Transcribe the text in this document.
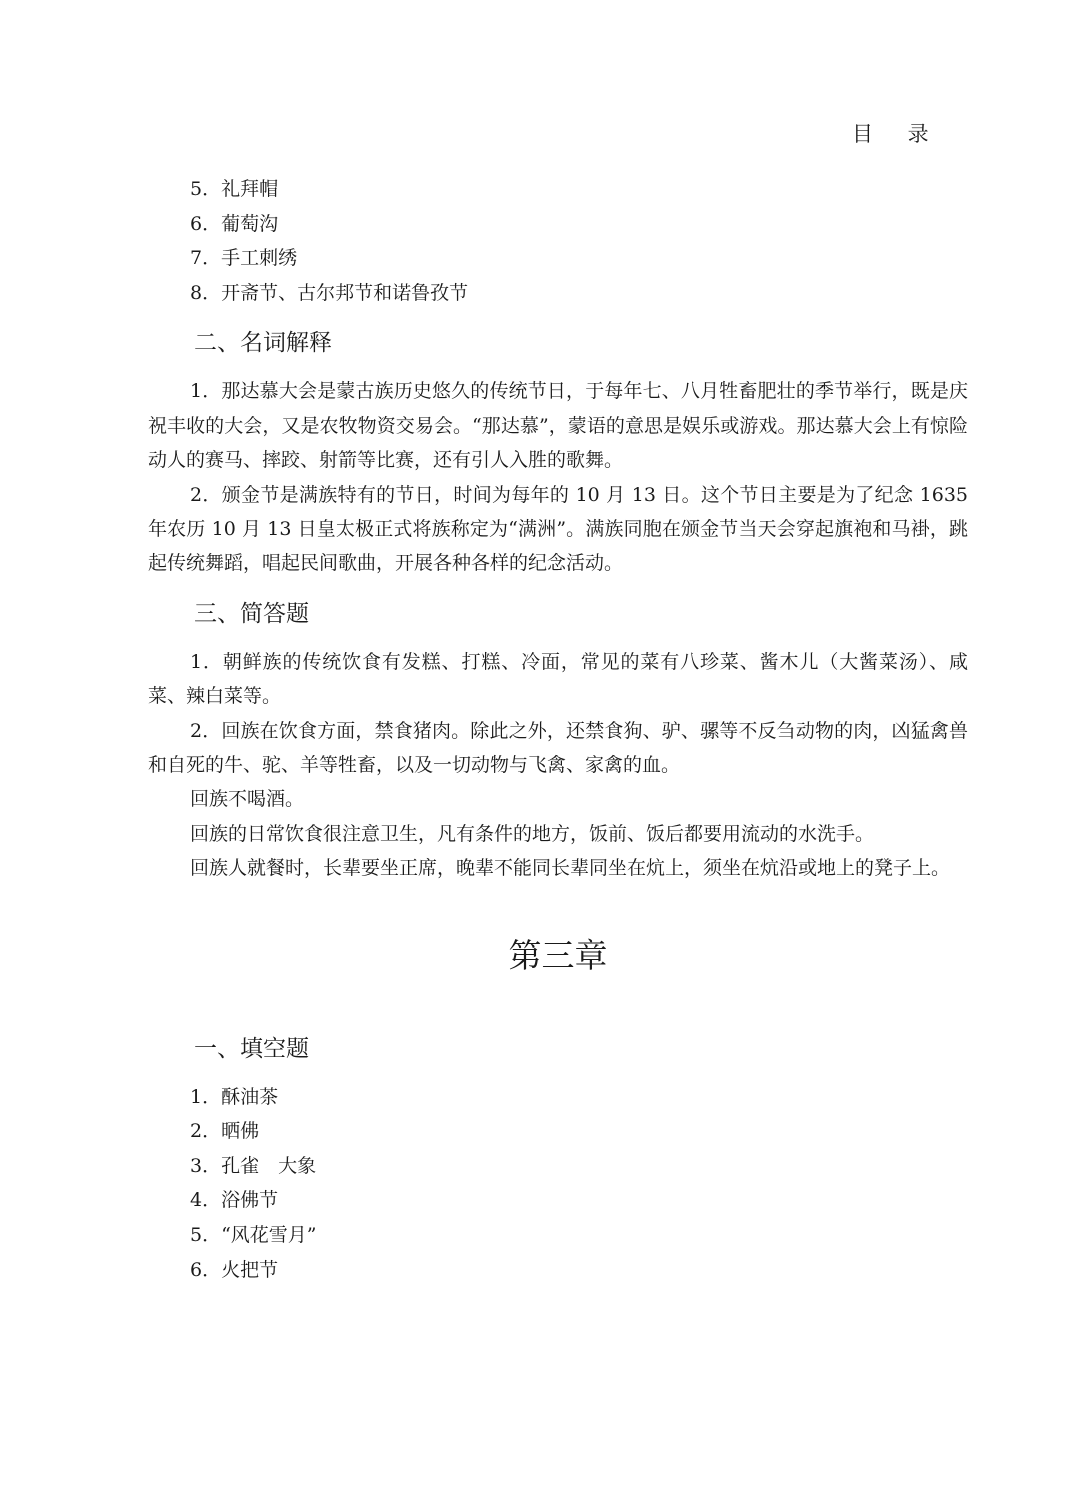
目 录
5．礼拜帽
6．葡萄沟
7．手工刺绣
8．开斋节、古尔邦节和诺鲁孜节
二、名词解释

1．那达慕大会是蒙古族历史悠久的传统节日，于每年七、八月牲畜肥壮的季节举行，既是庆祝丰收的大会，又是农牧物资交易会。“那达慕”，蒙语的意思是娱乐或游戏。那达慕大会上有惊险动人的赛马、摔跤、射箭等比赛，还有引人入胜的歌舞。

2．颁金节是满族特有的节日，时间为每年的 10 月 13 日。这个节日主要是为了纪念 1635 年农历 10 月 13 日皇太极正式将族称定为“满洲”。满族同胞在颁金节当天会穿起旗袍和马褂，跳起传统舞蹈，唱起民间歌曲，开展各种各样的纪念活动。

三、简答题

1．朝鲜族的传统饮食有发糕、打糕、冷面，常见的菜有八珍菜、酱木儿（大酱菜汤）、咸菜、辣白菜等。

2．回族在饮食方面，禁食猪肉。除此之外，还禁食狗、驴、骡等不反刍动物的肉，凶猛禽兽和自死的牛、驼、羊等牲畜，以及一切动物与飞禽、家禽的血。

回族不喝酒。

回族的日常饮食很注意卫生，凡有条件的地方，饭前、饭后都要用流动的水洗手。

回族人就餐时，长辈要坐正席，晚辈不能同长辈同坐在炕上，须坐在炕沿或地上的凳子上。

第三章
一、填空题
1．酥油茶
2．晒佛
3．孔雀　大象
4．浴佛节
5．“风花雪月”
6．火把节
